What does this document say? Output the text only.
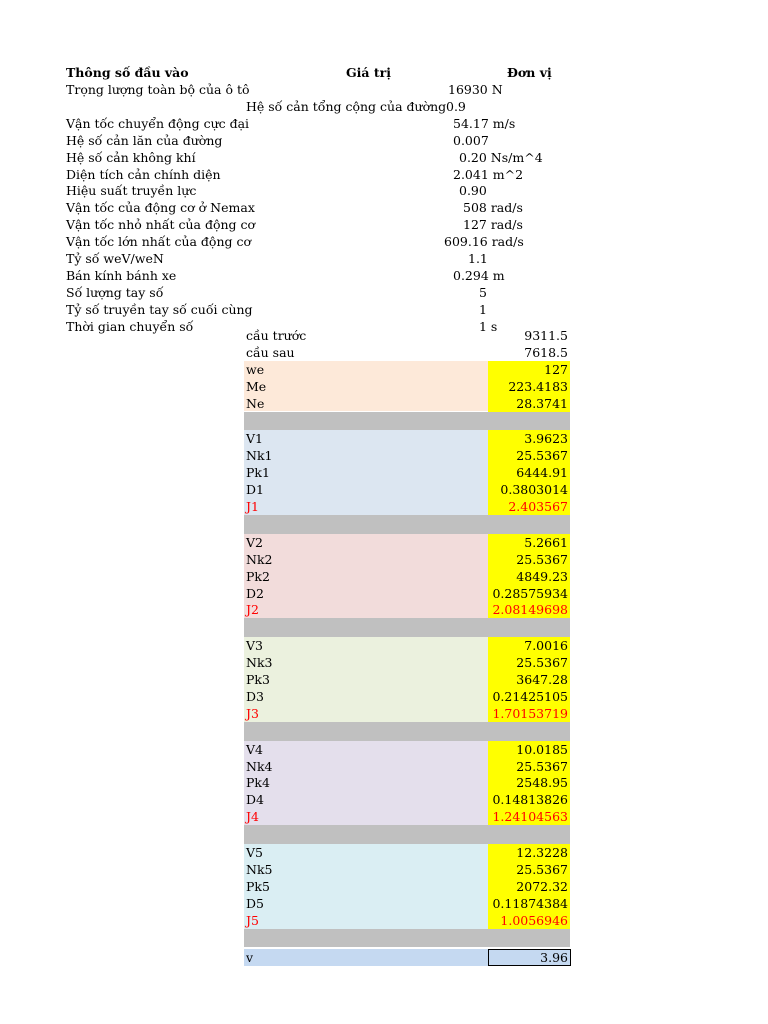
Thông số đầu vào	Giá trị	Đơn vị
Trọng lượng toàn bộ của ô tô	16930 N
Hệ số cản tổng cộng của đường 0.9
Vận tốc chuyển động cực đại	54.17 m/s
Hệ số cản lăn của đường	0.007
Hệ số cản không khí	0.20 Ns/m^4
Diện tích cản chính diện	2.041 m^2
Hiệu suất truyền lực	0.90
Vận tốc của động cơ ở Nemax	508 rad/s
Vận tốc nhỏ nhất của động cơ	127 rad/s
Vận tốc lớn nhất của động cơ	609.16 rad/s
Tỷ số weV/weN	1.1
Bán kính bánh xe	0.294 m
Số lượng tay số	5
Tỷ số truyền tay số cuối cùng	1
Thời gian chuyển số	1 s
cầu trước	9311.5
cầu sau	7618.5
we	127
Me	223.4183
Ne	28.3741
V1	3.9623
Nk1	25.5367
Pk1	6444.91
D1	0.3803014
J1	2.403567
V2	5.2661
Nk2	25.5367
Pk2	4849.23
D2	0.28575934
J2	2.08149698
V3	7.0016
Nk3	25.5367
Pk3	3647.28
D3	0.21425105
J3	1.70153719
V4	10.0185
Nk4	25.5367
Pk4	2548.95
D4	0.14813826
J4	1.24104563
V5	12.3228
Nk5	25.5367
Pk5	2072.32
D5	0.11874384
J5	1.0056946
v	3.96
